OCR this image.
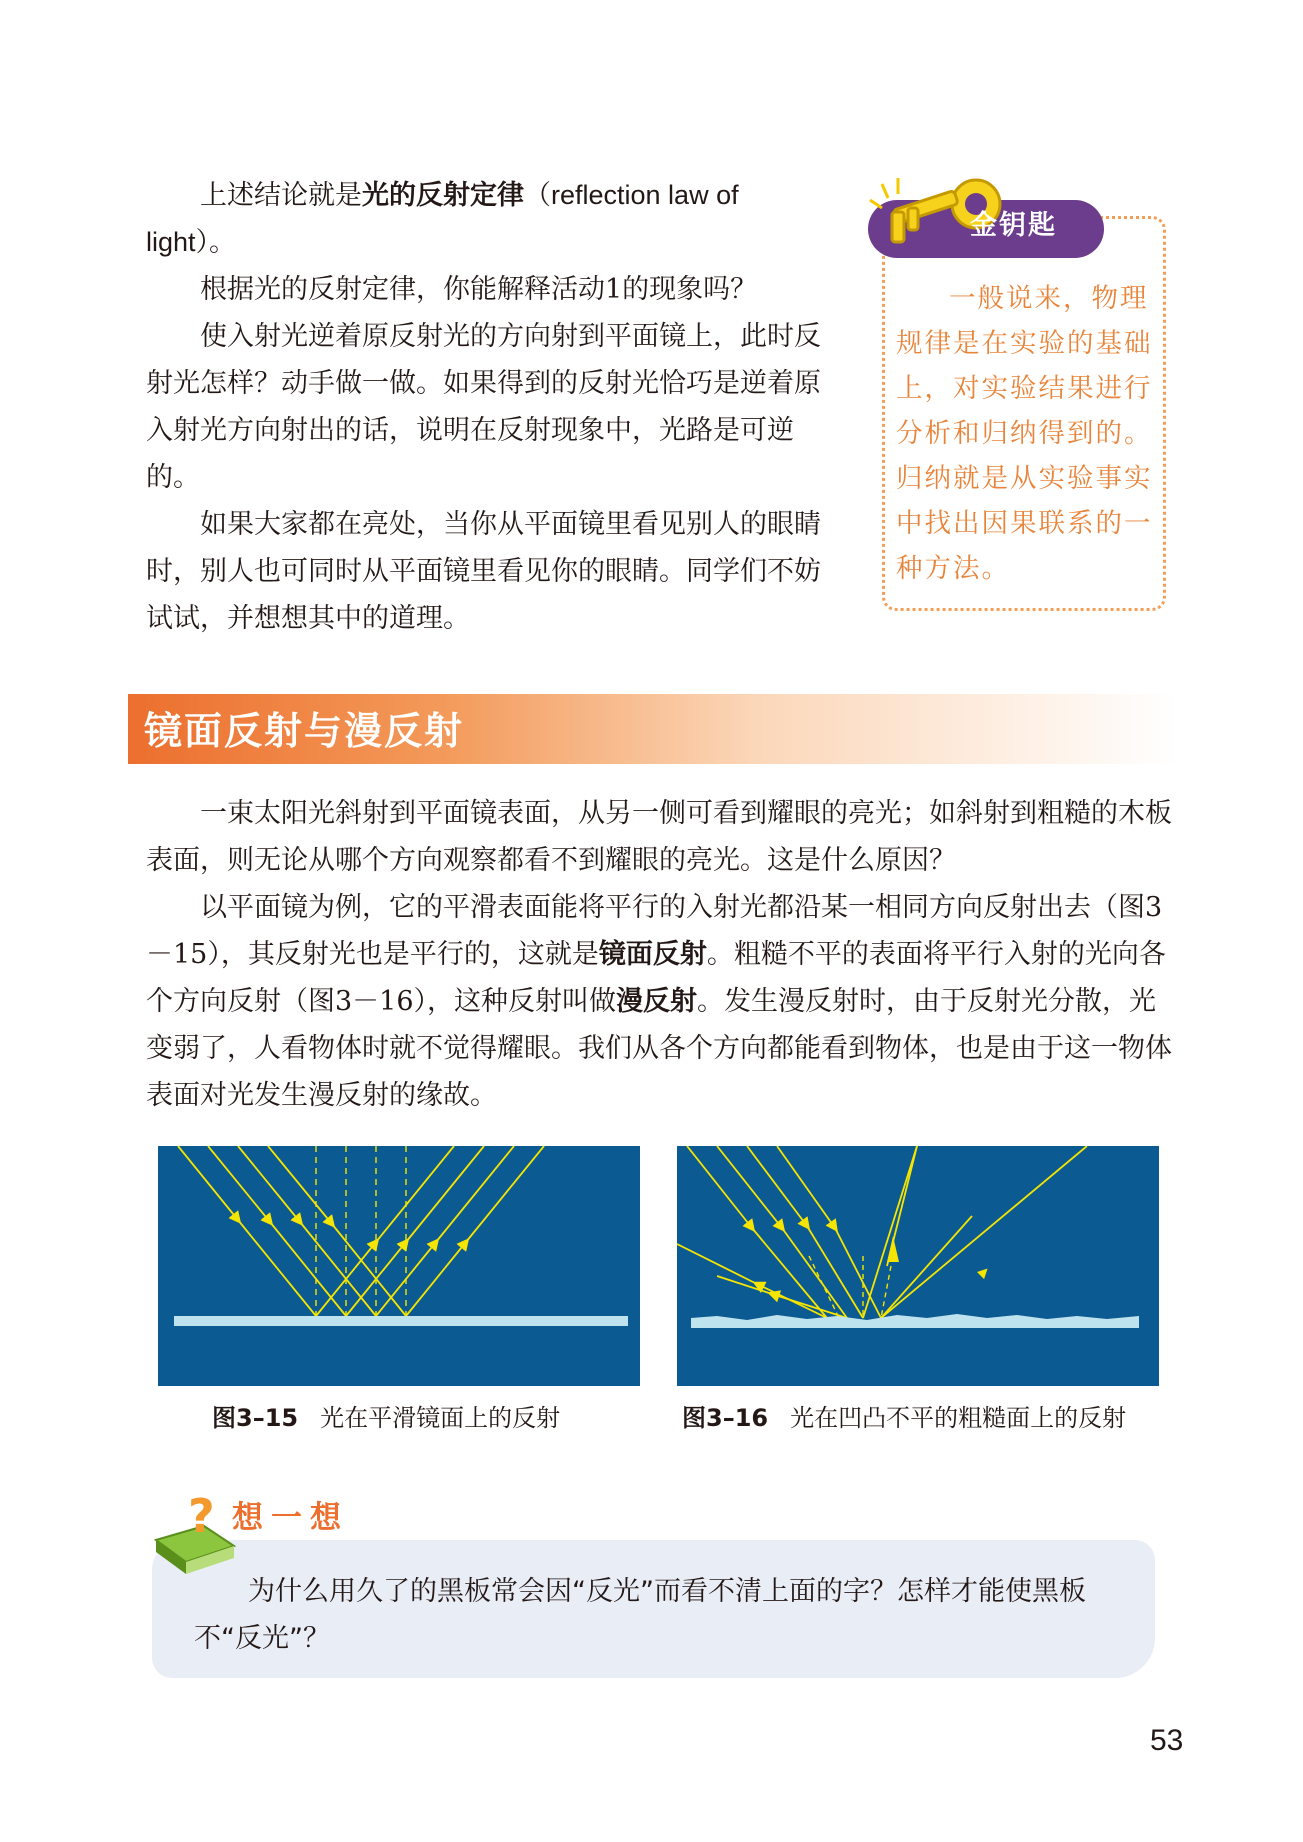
上述结论就是光的反射定律（reflection law of light）。

根据光的反射定律，你能解释活动1的现象吗？

使入射光逆着原反射光的方向射到平面镜上，此时反射光怎样？动手做一做。如果得到的反射光恰巧是逆着原入射光方向射出的话，说明在反射现象中，光路是可逆的。

如果大家都在亮处，当你从平面镜里看见别人的眼睛时，别人也可同时从平面镜里看见你的眼睛。同学们不妨试试，并想想其中的道理。

金钥匙
一般说来，物理规律是在实验的基础上，对实验结果进行分析和归纳得到的。归纳就是从实验事实中找出因果联系的一种方法。
镜面反射与漫反射

一束太阳光斜射到平面镜表面，从另一侧可看到耀眼的亮光；如斜射到粗糙的木板表面，则无论从哪个方向观察都看不到耀眼的亮光。这是什么原因？

以平面镜为例，它的平滑表面能将平行的入射光都沿某一相同方向反射出去（图3－15），其反射光也是平行的，这就是镜面反射。粗糙不平的表面将平行入射的光向各个方向反射（图3－16），这种反射叫做漫反射。发生漫反射时，由于反射光分散，光变弱了，人看物体时就不觉得耀眼。我们从各个方向都能看到物体，也是由于这一物体表面对光发生漫反射的缘故。

图3–15 光在平滑镜面上的反射	图3–16 光在凹凸不平的粗糙面上的反射
? 想一想
为什么用久了的黑板常会因“反光”而看不清上面的字？怎样才能使黑板不“反光”？
53
